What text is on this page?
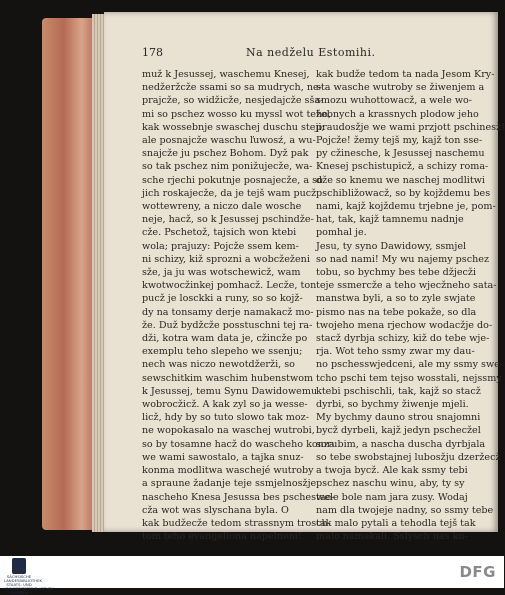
178	Na nedželu Estomihi.
muž k Jesussej, waschemu Knesej,
nedžeržcže ssami so sa mudrych, ne-
prajcže, so widžicže, nesjedajcže sša-
mi so pschez wosso ku myssl wot teho,
kak wossebnje swaschej duschu steji;
ale posnajcže waschu ľuwosź, a wu-
snajcže ju pschez Bohom. Dyž pak
so tak pschez nim ponižujecže, wa-
sche rjechi pokutnje posnajecže, a so
jich roskajecže, da je tejš wam pucž
wottewreny, a niczo dale wosche
neje, hacž, so k Jesussej pschindže-
cže. Pschetož, tajsich won ktebi
wola; prajuzy: Pojcže ssem kem-
ni schizy, kiž sprozni a wobcžeženi
sže, ja ju was wotschewicž, wam
kwotwocžinkej pomhacž. Lecže, ton
pucž je losckki a runy, so so kojž-
dy na tonsamy derje namakacž mo-
že. Duž bydžcže posstuschni tej ra-
dži, kotra wam data je, cžincže po
exemplu teho slepeho we ssenju;
nech was niczo newotdžerži, so
sewschitkim waschim hubenstwom
k Jesussej, temu Synu Dawidowemu
wobrocžicž. A kak zyl so ja wesse-
licž, hdy by so tuto slowo tak moz-
ne wopokasalo na waschej wutrobi,
so by tosamne hacž do wascheho konza
we wami sawostalo, a tajka snuz-
konma modlitwa waschejé wutroby
a spraune žadanje teje ssmjelnosžje
nascheho Knesa Jesussa bes pschestae-
cža wot was slyschana byla. O
kak budžecže tedom strassnym trosch-
tom teho evangeliona napelneni!
kak budže tedom ta nada Jesom Kry-
sta wasche wutroby se žiwenjem a
smozu wuhottowacž, a wele wo-
žebnych a krassnych plodow jeho
praudosžje we wami przjott pschinesž!
Pojcže! žemy tejš my, kajž ton sse-
py cžinesche, k Jesussej naschemu
Knesej pschistupicž, a schizy roma-
dže so knemu we naschej modlitwi
pschibližowacž, so by kojždemu bes
nami, kajž kojždemu trjebne je, pom-
hat, tak, kajž tamnemu nadnje
pomhal je.
Jesu, ty syno Dawidowy, ssmjel
so nad nami! My wu najemy pschez
tobu, so bychmy bes tebe džjecži
teje ssmercže a teho wjecžneho sata-
manstwa byli, a so to zyle swjate
pismo nas na tebe pokaže, so dla
twojeho mena rjechow wodacžje do-
stacž dyrbja schizy, kiž do tebe wje-
rja. Wot teho ssmy zwar my dau-
no pschesswjedceni, ale my ssmy swe-
tcho pschi tem tejso wosstali, nejssmy
ktebi pschischli, tak, kajž so stacž
dyrbi, so bychmy žiwenje mjeli.
My bychmy dauno strou snajomni
bycž dyrbeli, kajž jedyn pschecžel
sorubim, a nascha duscha dyrbjala
so tebe swobstajnej lubosžju dzeržecž
a twoja bycž. Ale kak ssmy tebi
pschez naschu winu, aby, ty sy
wele bole nam jara zusy. Wodaj
nam dla twojeje nadny, so ssmy tebe
tak malo pytali a tehodla tejš tak
malo namakali. Sslysch nas ku-
SÄCHSISCHE LANDESBIBLIOTHEK STAATS- UND UNIVERSITÄTSBIBLIOTHEK DRESDEN
DFG
